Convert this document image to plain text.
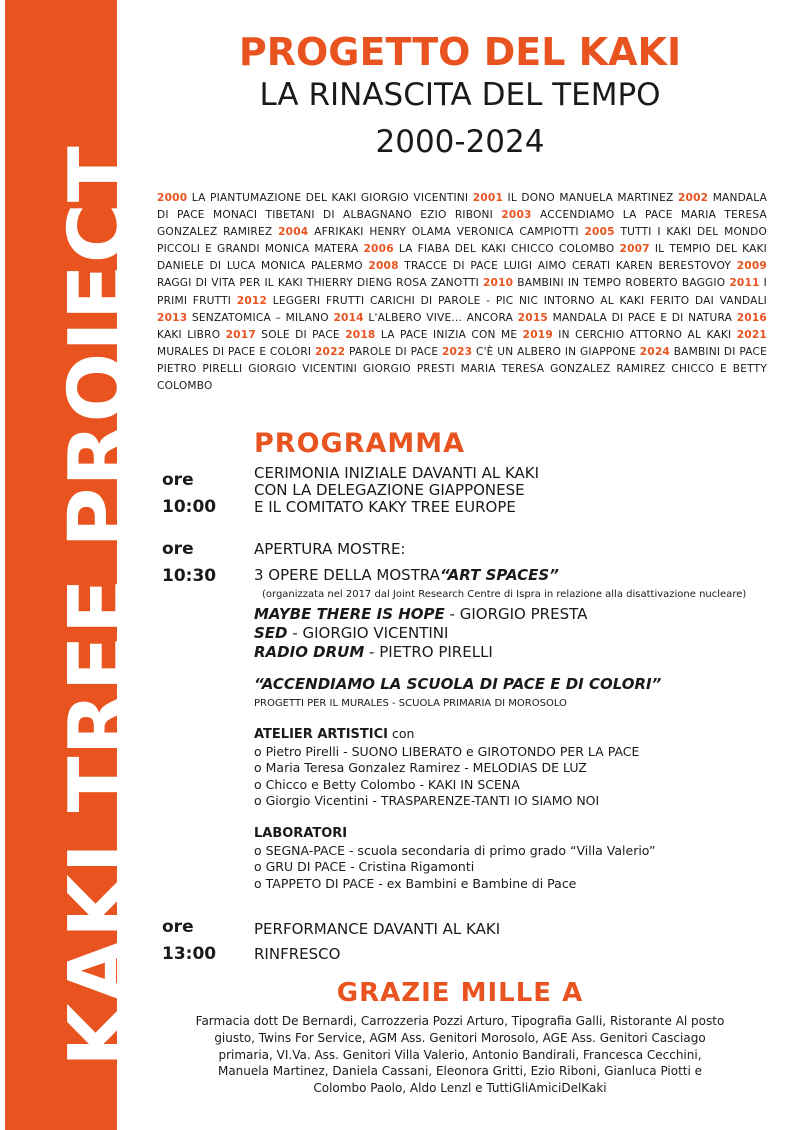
KAKI TREE PROJECT
PROGETTO DEL KAKI
LA RINASCITA DEL TEMPO
2000-2024
2000 LA PIANTUMAZIONE DEL KAKI GIORGIO VICENTINI 2001 IL DONO MANUELA MARTINEZ 2002 MANDALA DI PACE MONACI TIBETANI DI ALBAGNANO EZIO RIBONI 2003 ACCENDIAMO LA PACE MARIA TERESA GONZALEZ RAMIREZ 2004 AFRIKAKI HENRY OLAMA VERONICA CAMPIOTTI 2005 TUTTI I KAKI DEL MONDO PICCOLI E GRANDI MONICA MATERA 2006 LA FIABA DEL KAKI CHICCO COLOMBO 2007 IL TEMPIO DEL KAKI DANIELE DI LUCA MONICA PALERMO 2008 TRACCE DI PACE LUIGI AIMO CERATI KAREN BERESTOVOY 2009 RAGGI DI VITA PER IL KAKI THIERRY DIENG ROSA ZANOTTI 2010 BAMBINI IN TEMPO ROBERTO BAGGIO 2011 I PRIMI FRUTTI 2012 LEGGERI FRUTTI CARICHI DI PAROLE - PIC NIC INTORNO AL KAKI FERITO DAI VANDALI 2013 SENZATOMICA – MILANO 2014 L'ALBERO VIVE... ANCORA 2015 MANDALA DI PACE E DI NATURA 2016 KAKI LIBRO 2017 SOLE DI PACE 2018 LA PACE INIZIA CON ME 2019 IN CERCHIO ATTORNO AL KAKI 2021 MURALES DI PACE E COLORI 2022 PAROLE DI PACE 2023 C'È UN ALBERO IN GIAPPONE 2024 BAMBINI DI PACE PIETRO PIRELLI GIORGIO VICENTINI GIORGIO PRESTI MARIA TERESA GONZALEZ RAMIREZ CHICCO E BETTY COLOMBO
PROGRAMMA
ore
10:00
CERIMONIA INIZIALE DAVANTI AL KAKI
CON LA DELEGAZIONE GIAPPONESE
E IL COMITATO KAKY TREE EUROPE
ore
10:30
APERTURA MOSTRE:
3 OPERE DELLA MOSTRA“ART SPACES”
(organizzata nel 2017 dal Joint Research Centre di Ispra in relazione alla disattivazione nucleare)
MAYBE THERE IS HOPE - GIORGIO PRESTA
SED - GIORGIO VICENTINI
RADIO DRUM - PIETRO PIRELLI
“ACCENDIAMO LA SCUOLA DI PACE E DI COLORI”
PROGETTI PER IL MURALES - SCUOLA PRIMARIA DI MOROSOLO
ATELIER ARTISTICI con
o Pietro Pirelli - SUONO LIBERATO e GIROTONDO PER LA PACE
o Maria Teresa Gonzalez Ramirez - MELODIAS DE LUZ
o Chicco e Betty Colombo - KAKI IN SCENA
o Giorgio Vicentini - TRASPARENZE-TANTI IO SIAMO NOI
LABORATORI
o SEGNA-PACE - scuola secondaria di primo grado “Villa Valerio”
o GRU DI PACE - Cristina Rigamonti
o TAPPETO DI PACE - ex Bambini e Bambine di Pace
ore
13:00
PERFORMANCE DAVANTI AL KAKI
RINFRESCO
GRAZIE MILLE A
Farmacia dott De Bernardi, Carrozzeria Pozzi Arturo, Tipografia Galli, Ristorante Al posto
giusto, Twins For Service, AGM Ass. Genitori Morosolo, AGE Ass. Genitori Casciago
primaria, VI.Va. Ass. Genitori Villa Valerio, Antonio Bandirali, Francesca Cecchini,
Manuela Martinez, Daniela Cassani, Eleonora Gritti, Ezio Riboni, Gianluca Piotti e
Colombo Paolo, Aldo Lenzl e TuttiGliAmiciDelKaki
